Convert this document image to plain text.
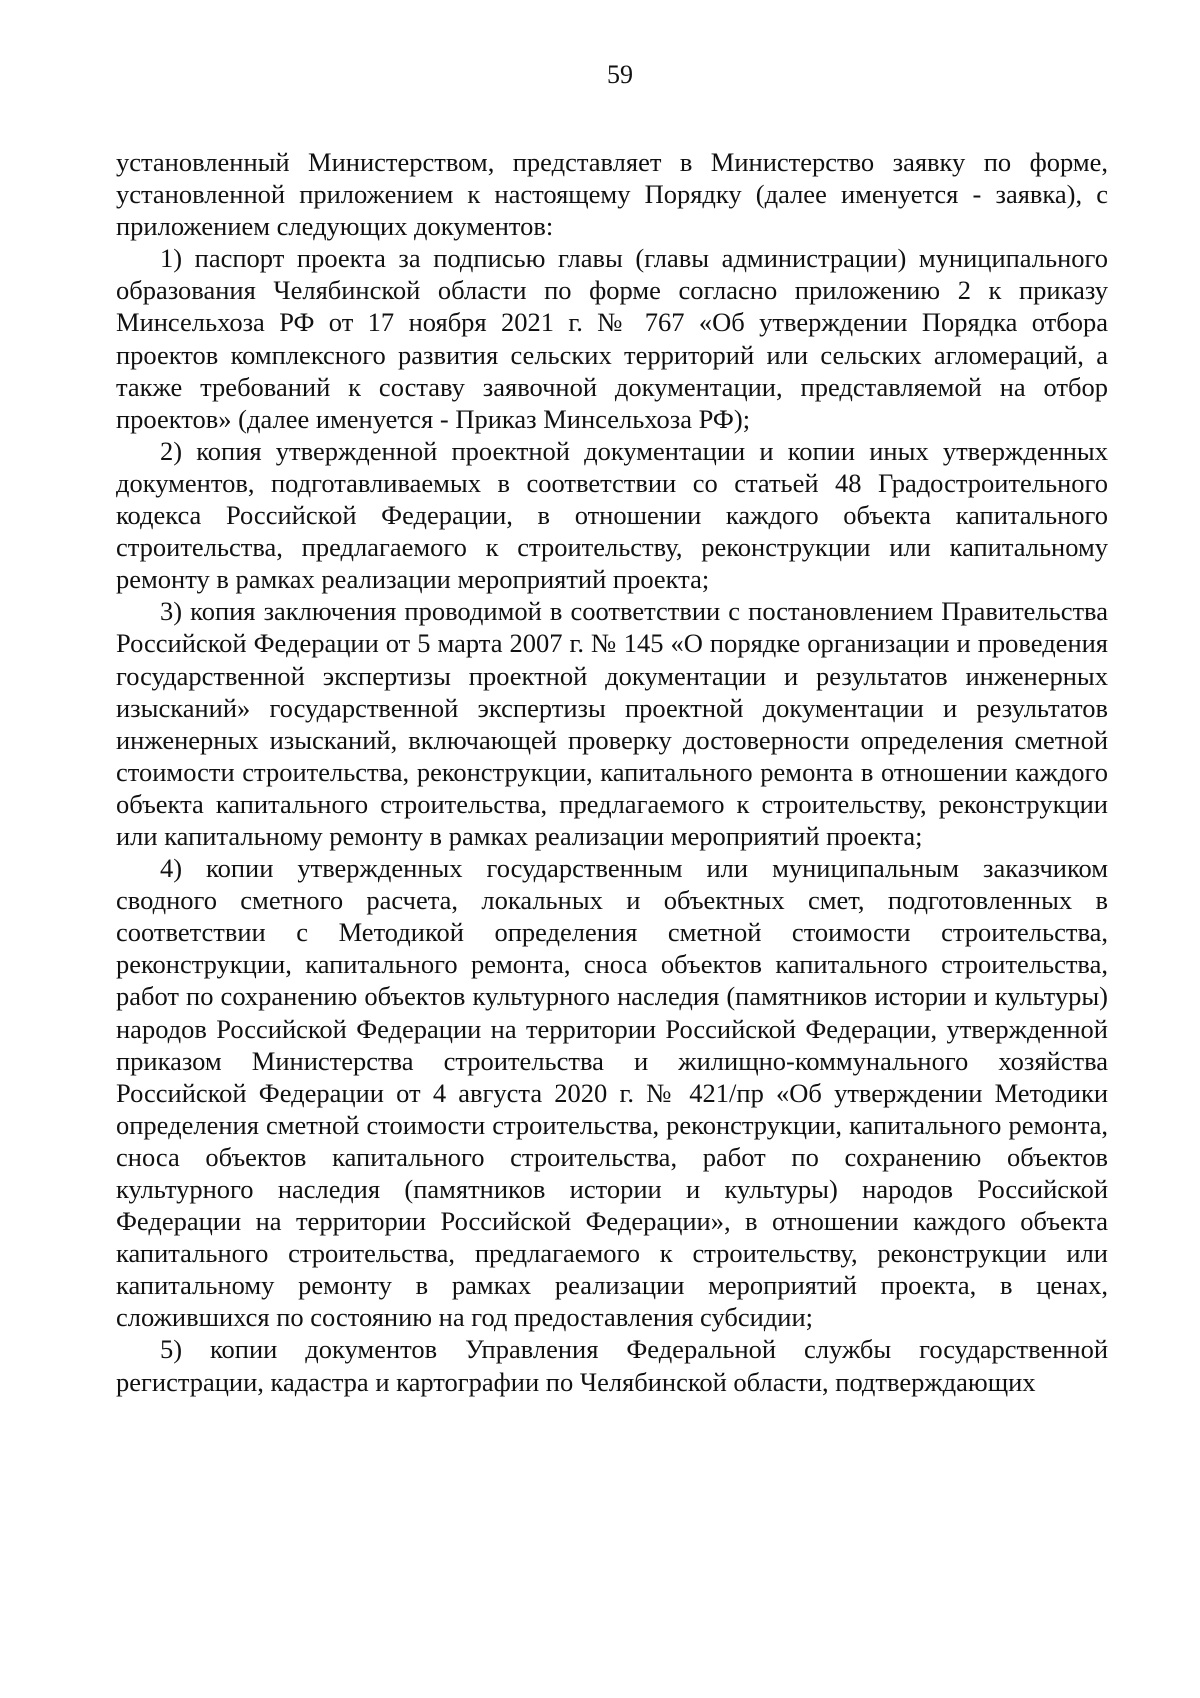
59

установленный Министерством, представляет в Министерство заявку по форме, установленной приложением к настоящему Порядку (далее именуется - заявка), с приложением следующих документов:

1) паспорт проекта за подписью главы (главы администрации) муниципального образования Челябинской области по форме согласно приложению 2 к приказу Минсельхоза РФ от 17 ноября 2021 г. № 767 «Об утверждении Порядка отбора проектов комплексного развития сельских территорий или сельских агломераций, а также требований к составу заявочной документации, представляемой на отбор проектов» (далее именуется - Приказ Минсельхоза РФ);

2) копия утвержденной проектной документации и копии иных утвержденных документов, подготавливаемых в соответствии со статьей 48 Градостроительного кодекса Российской Федерации, в отношении каждого объекта капитального строительства, предлагаемого к строительству, реконструкции или капитальному ремонту в рамках реализации мероприятий проекта;

3) копия заключения проводимой в соответствии с постановлением Правительства Российской Федерации от 5 марта 2007 г. № 145 «О порядке организации и проведения государственной экспертизы проектной документации и результатов инженерных изысканий» государственной экспертизы проектной документации и результатов инженерных изысканий, включающей проверку достоверности определения сметной стоимости строительства, реконструкции, капитального ремонта в отношении каждого объекта капитального строительства, предлагаемого к строительству, реконструкции или капитальному ремонту в рамках реализации мероприятий проекта;

4) копии утвержденных государственным или муниципальным заказчиком сводного сметного расчета, локальных и объектных смет, подготовленных в соответствии с Методикой определения сметной стоимости строительства, реконструкции, капитального ремонта, сноса объектов капитального строительства, работ по сохранению объектов культурного наследия (памятников истории и культуры) народов Российской Федерации на территории Российской Федерации, утвержденной приказом Министерства строительства и жилищно-коммунального хозяйства Российской Федерации от 4 августа 2020 г. № 421/пр «Об утверждении Методики определения сметной стоимости строительства, реконструкции, капитального ремонта, сноса объектов капитального строительства, работ по сохранению объектов культурного наследия (памятников истории и культуры) народов Российской Федерации на территории Российской Федерации», в отношении каждого объекта капитального строительства, предлагаемого к строительству, реконструкции или капитальному ремонту в рамках реализации мероприятий проекта, в ценах, сложившихся по состоянию на год предоставления субсидии;

5) копии документов Управления Федеральной службы государственной регистрации, кадастра и картографии по Челябинской области, подтверждающих
